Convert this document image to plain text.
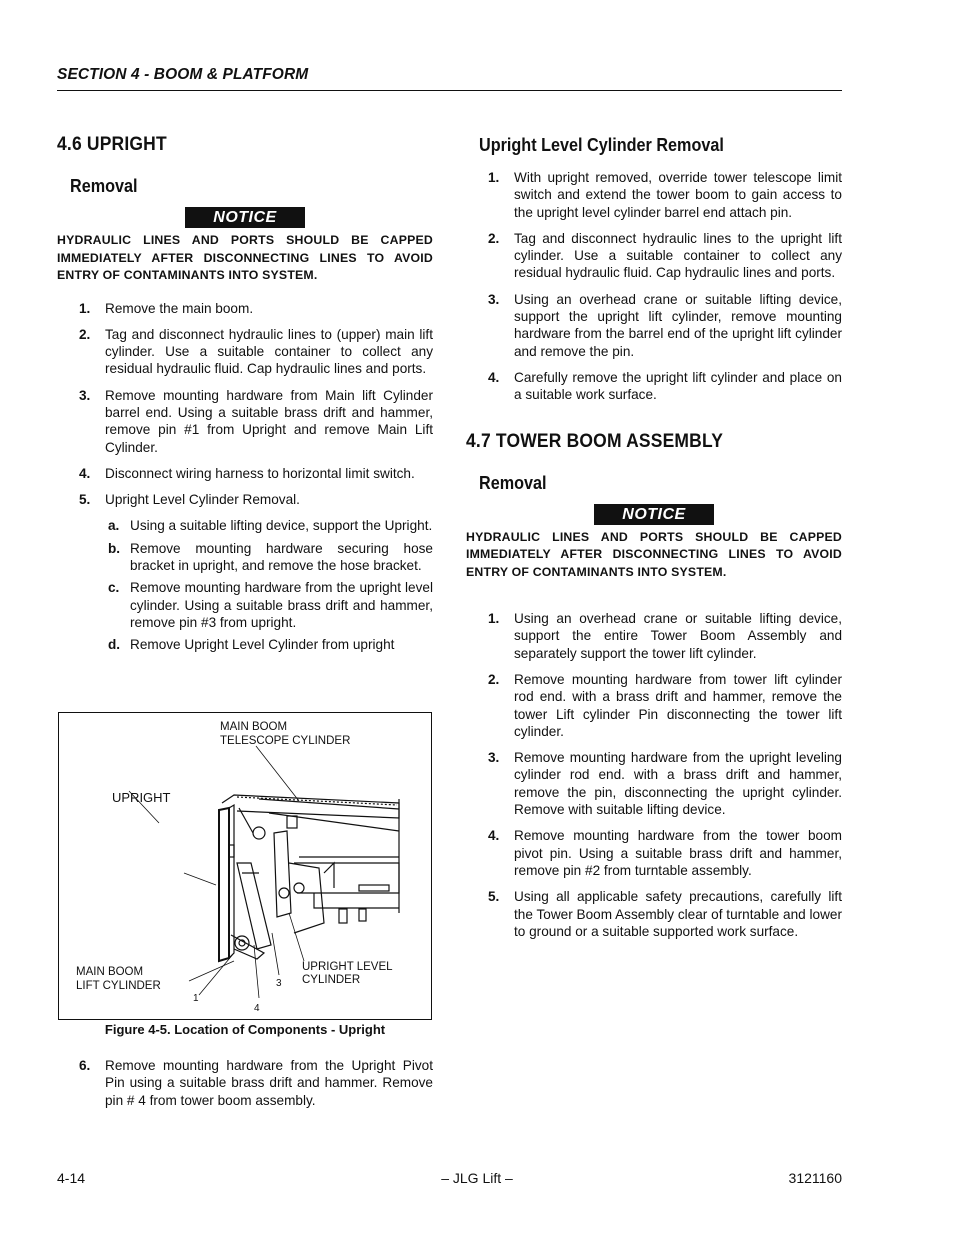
SECTION 4 - BOOM & PLATFORM
4.6 UPRIGHT
Removal
NOTICE

HYDRAULIC LINES AND PORTS SHOULD BE CAPPED IMMEDIATELY AFTER DISCONNECTING LINES TO AVOID ENTRY OF CONTAMINANTS INTO SYSTEM.

1. Remove the main boom.
2. Tag and disconnect hydraulic lines to (upper) main lift cylinder. Use a suitable container to collect any residual hydraulic fluid. Cap hydraulic lines and ports.
3. Remove mounting hardware from Main lift Cylinder barrel end. Using a suitable brass drift and hammer, remove pin #1 from Upright and remove Main Lift Cylinder.
4. Disconnect wiring harness to horizontal limit switch.
5. Upright Level Cylinder Removal.
a. Using a suitable lifting device, support the Upright.
b. Remove mounting hardware securing hose bracket in upright, and remove the hose bracket.
c. Remove mounting hardware from the upright level cylinder. Using a suitable brass drift and hammer, remove pin #3 from upright.
d. Remove Upright Level Cylinder from upright
MAIN BOOM
TELESCOPE CYLINDER
UPRIGHT
MAIN BOOM
LIFT CYLINDER
UPRIGHT LEVEL
CYLINDER
1
3
4
Figure 4-5. Location of Components - Upright
6. Remove mounting hardware from the Upright Pivot Pin using a suitable brass drift and hammer. Remove pin # 4 from tower boom assembly.
Upright Level Cylinder Removal
1. With upright removed, override tower telescope limit switch and extend the tower boom to gain access to the upright level cylinder barrel end attach pin.
2. Tag and disconnect hydraulic lines to the upright lift cylinder. Use a suitable container to collect any residual hydraulic fluid. Cap hydraulic lines and ports.
3. Using an overhead crane or suitable lifting device, support the upright lift cylinder, remove mounting hardware from the barrel end of the upright lift cylinder and remove the pin.
4. Carefully remove the upright lift cylinder and place on a suitable work surface.
4.7 TOWER BOOM ASSEMBLY
Removal
NOTICE

HYDRAULIC LINES AND PORTS SHOULD BE CAPPED IMMEDIATELY AFTER DISCONNECTING LINES TO AVOID ENTRY OF CONTAMINANTS INTO SYSTEM.

1. Using an overhead crane or suitable lifting device, support the entire Tower Boom Assembly and separately support the tower lift cylinder.
2. Remove mounting hardware from tower lift cylinder rod end. with a brass drift and hammer, remove the tower Lift cylinder Pin disconnecting the tower lift cylinder.
3. Remove mounting hardware from the upright leveling cylinder rod end. with a brass drift and hammer, remove the pin, disconnecting the upright cylinder. Remove with suitable lifting device.
4. Remove mounting hardware from the tower boom pivot pin. Using a suitable brass drift and hammer, remove pin #2 from turntable assembly.
5. Using all applicable safety precautions, carefully lift the Tower Boom Assembly clear of turntable and lower to ground or a suitable supported work surface.
4-14	– JLG Lift –	3121160
